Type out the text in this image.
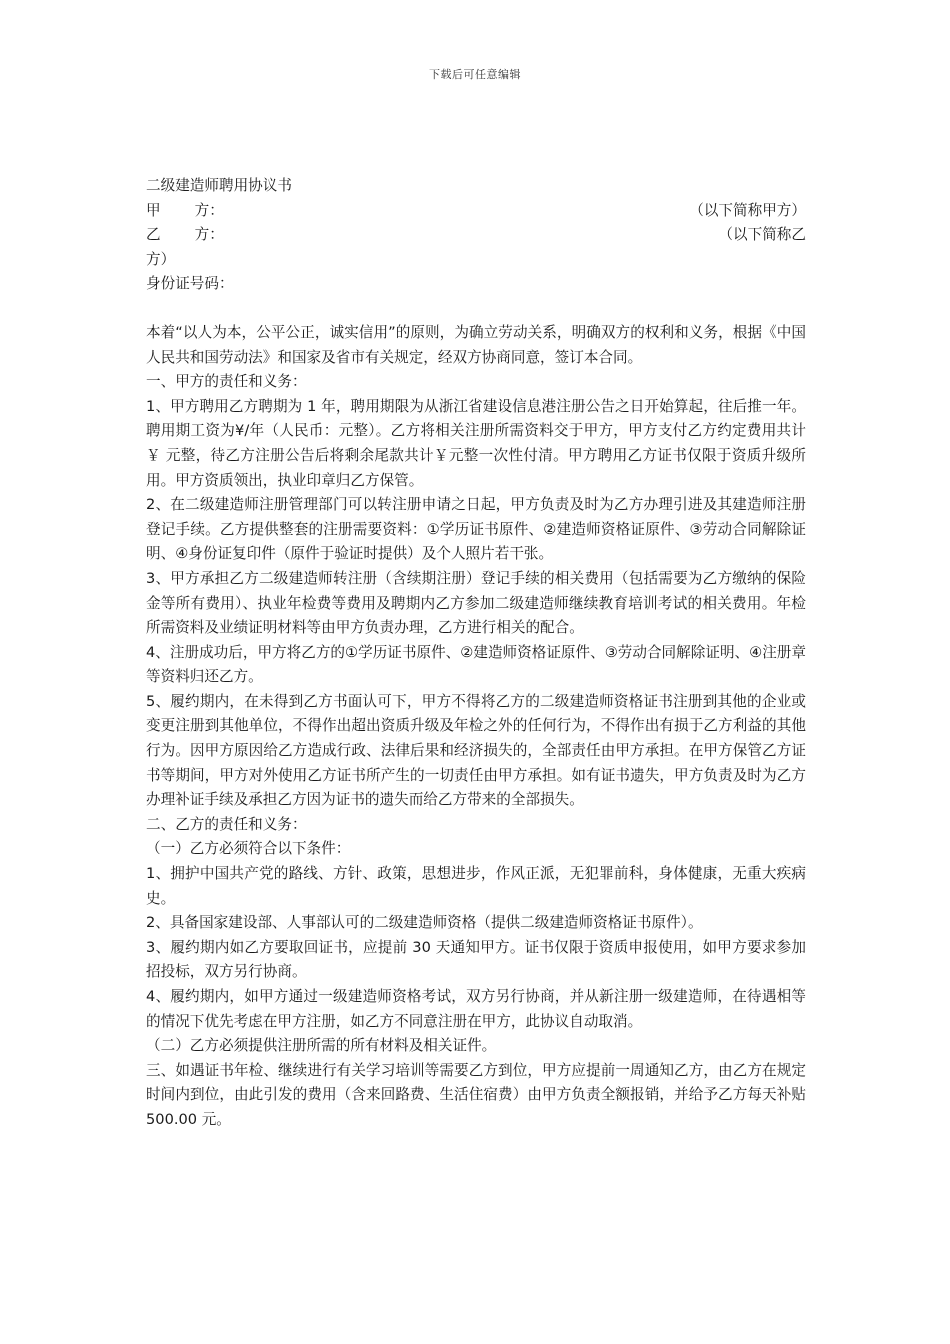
下载后可任意编辑

二级建造师聘用协议书

甲 方：	（以下简称甲方）

乙 方：	（以下简称乙

方）

身份证号码：

本着“以人为本，公平公正，诚实信用”的原则，为确立劳动关系，明确双方的权利和义务，根据《中国人民共和国劳动法》和国家及省市有关规定，经双方协商同意，签订本合同。

一、甲方的责任和义务：

1、甲方聘用乙方聘期为 1 年，聘用期限为从浙江省建设信息港注册公告之日开始算起，往后推一年。聘用期工资为¥/年（人民币：元整）。乙方将相关注册所需资料交于甲方，甲方支付乙方约定费用共计￥ 元整，待乙方注册公告后将剩余尾款共计￥元整一次性付清。甲方聘用乙方证书仅限于资质升级所用。甲方资质领出，执业印章归乙方保管。

2、在二级建造师注册管理部门可以转注册申请之日起，甲方负责及时为乙方办理引进及其建造师注册登记手续。乙方提供整套的注册需要资料：①学历证书原件、②建造师资格证原件、③劳动合同解除证明、④身份证复印件（原件于验证时提供）及个人照片若干张。

3、甲方承担乙方二级建造师转注册（含续期注册）登记手续的相关费用（包括需要为乙方缴纳的保险金等所有费用）、执业年检费等费用及聘期内乙方参加二级建造师继续教育培训考试的相关费用。年检所需资料及业绩证明材料等由甲方负责办理，乙方进行相关的配合。

4、注册成功后，甲方将乙方的①学历证书原件、②建造师资格证原件、③劳动合同解除证明、④注册章等资料归还乙方。

5、履约期内，在未得到乙方书面认可下，甲方不得将乙方的二级建造师资格证书注册到其他的企业或变更注册到其他单位，不得作出超出资质升级及年检之外的任何行为，不得作出有损于乙方利益的其他行为。因甲方原因给乙方造成行政、法律后果和经济损失的，全部责任由甲方承担。在甲方保管乙方证书等期间，甲方对外使用乙方证书所产生的一切责任由甲方承担。如有证书遗失，甲方负责及时为乙方办理补证手续及承担乙方因为证书的遗失而给乙方带来的全部损失。

二、乙方的责任和义务：

（一）乙方必须符合以下条件：

1、拥护中国共产党的路线、方针、政策，思想进步，作风正派，无犯罪前科，身体健康，无重大疾病史。

2、具备国家建设部、人事部认可的二级建造师资格（提供二级建造师资格证书原件）。

3、履约期内如乙方要取回证书，应提前 30 天通知甲方。证书仅限于资质申报使用，如甲方要求参加招投标，双方另行协商。

4、履约期内，如甲方通过一级建造师资格考试，双方另行协商，并从新注册一级建造师，在待遇相等的情况下优先考虑在甲方注册，如乙方不同意注册在甲方，此协议自动取消。

（二）乙方必须提供注册所需的所有材料及相关证件。

三、如遇证书年检、继续进行有关学习培训等需要乙方到位，甲方应提前一周通知乙方，由乙方在规定时间内到位，由此引发的费用（含来回路费、生活住宿费）由甲方负责全额报销，并给予乙方每天补贴 500.00 元。
